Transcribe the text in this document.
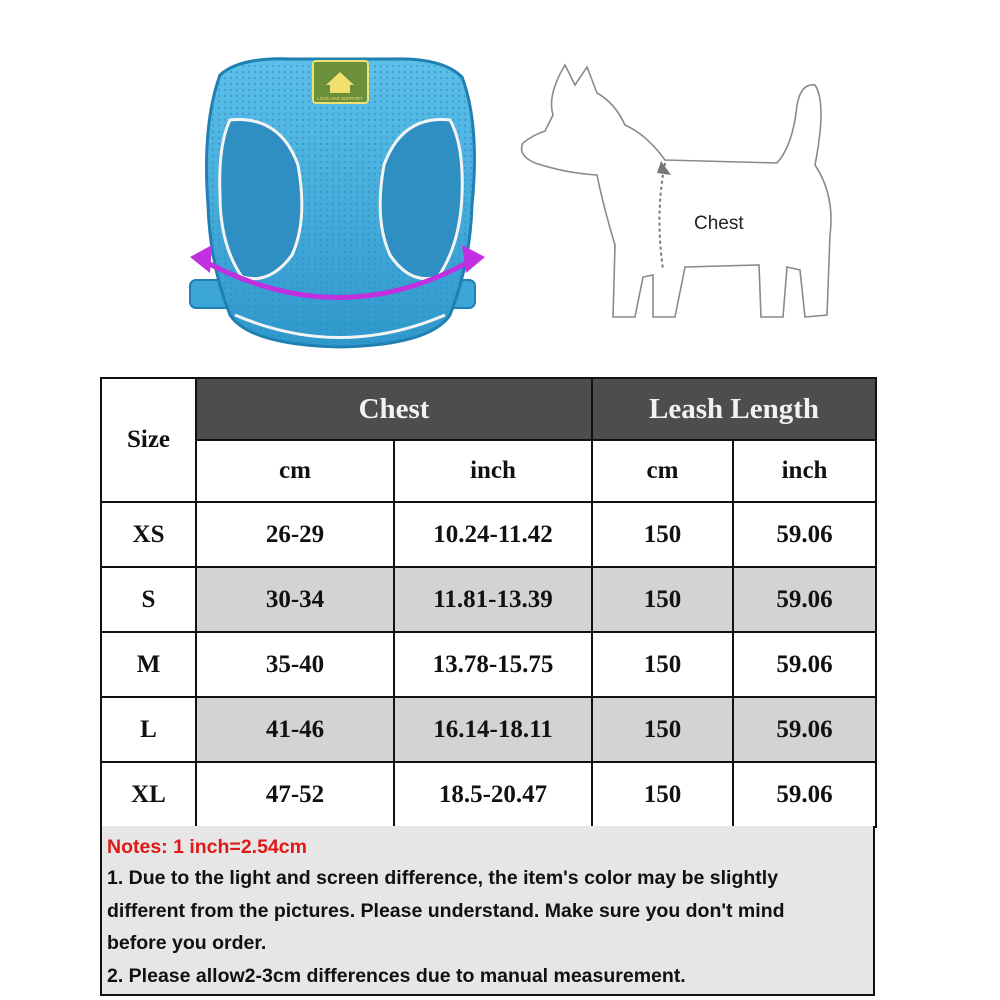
LOVE HAS SUPPORT
Chest
Size	Chest		Leash Length	
	cm	inch	cm	inch
XS	26-29	10.24-11.42	150	59.06
S	30-34	11.81-13.39	150	59.06
M	35-40	13.78-15.75	150	59.06
L	41-46	16.14-18.11	150	59.06
XL	47-52	18.5-20.47	150	59.06
Notes: 1 inch=2.54cm
1. Due to the light and screen difference, the item's color may be slightly
different from the pictures. Please understand. Make sure you don't mind
before you order.
2. Please allow2-3cm differences due to manual measurement.
